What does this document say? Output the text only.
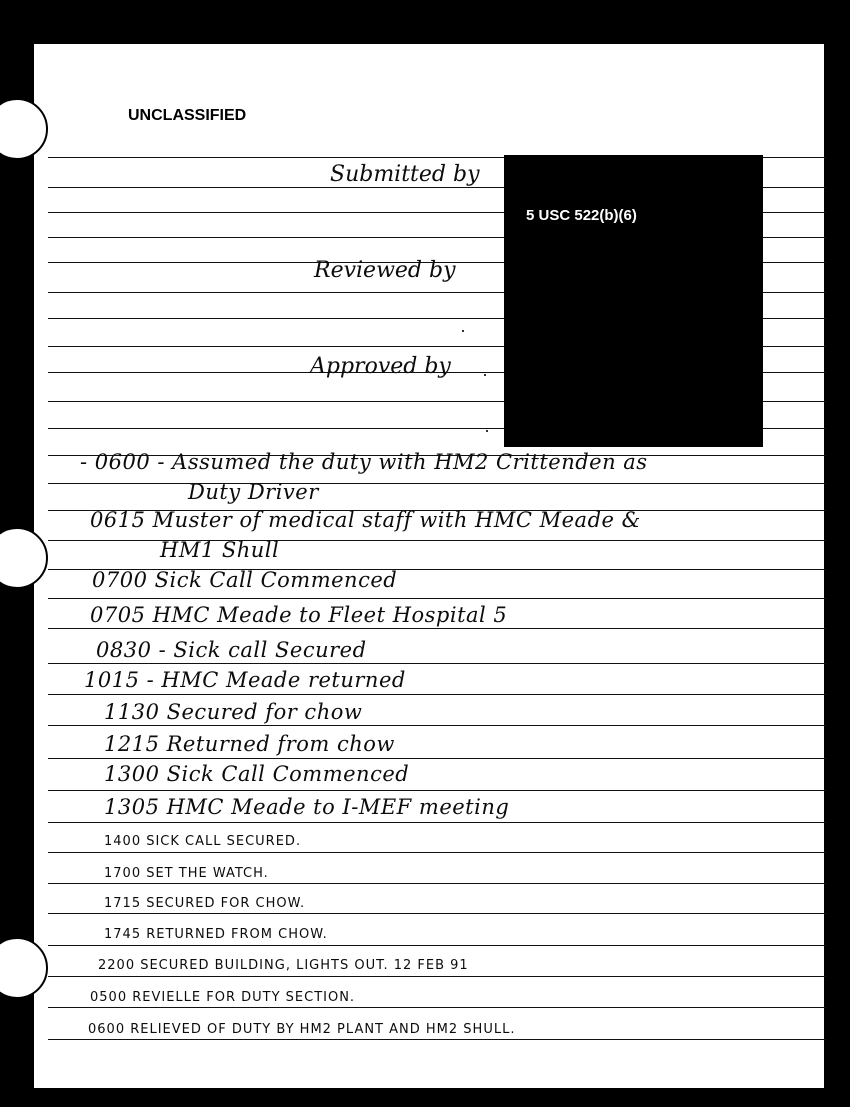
UNCLASSIFIED
Submitted by
Reviewed by
Approved by
5 USC 522(b)(6)
- 0600 - Assumed the duty with HM2 Crittenden as
Duty Driver
0615 Muster of medical staff with HMC Meade &
HM1 Shull
0700 Sick Call Commenced
0705 HMC Meade to Fleet Hospital 5
0830 - Sick call Secured
1015 - HMC Meade returned
1130 Secured for chow
1215 Returned from chow
1300 Sick Call Commenced
1305 HMC Meade to I-MEF meeting
1400 SICK CALL SECURED.
1700 SET THE WATCH.
1715 SECURED FOR CHOW.
1745 RETURNED FROM CHOW.
2200 SECURED BUILDING, LIGHTS OUT. 12 FEB 91
0500 REVIELLE FOR DUTY SECTION.
0600 RELIEVED OF DUTY BY HM2 PLANT AND HM2 SHULL.
